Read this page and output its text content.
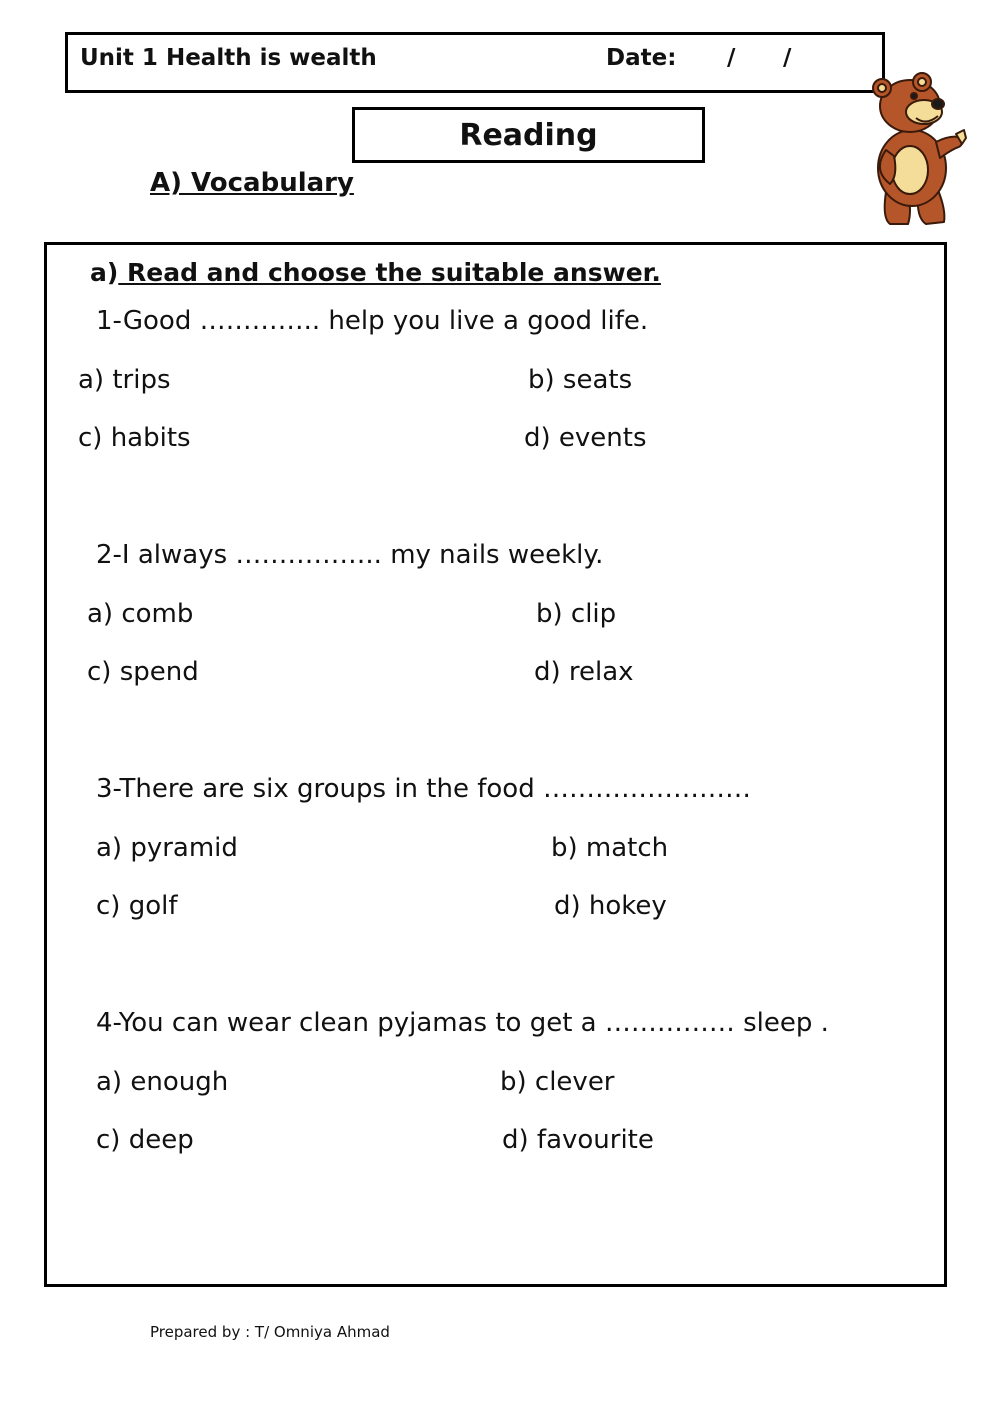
Unit 1 Health is wealth	Date: / /
Reading
A) Vocabulary
a) Read and choose the suitable answer.
1-Good ………….. help you live a good life.
a) trips	b) seats
c) habits	d) events
2-I always …………….. my nails weekly.
a) comb	b) clip
c) spend	d) relax
3-There are six groups in the food ……………………
a) pyramid	b) match
c) golf	d) hokey
4-You can wear clean pyjamas to get a …………… sleep .
a) enough	b) clever
c) deep	d) favourite
Prepared by : T/ Omniya Ahmad
